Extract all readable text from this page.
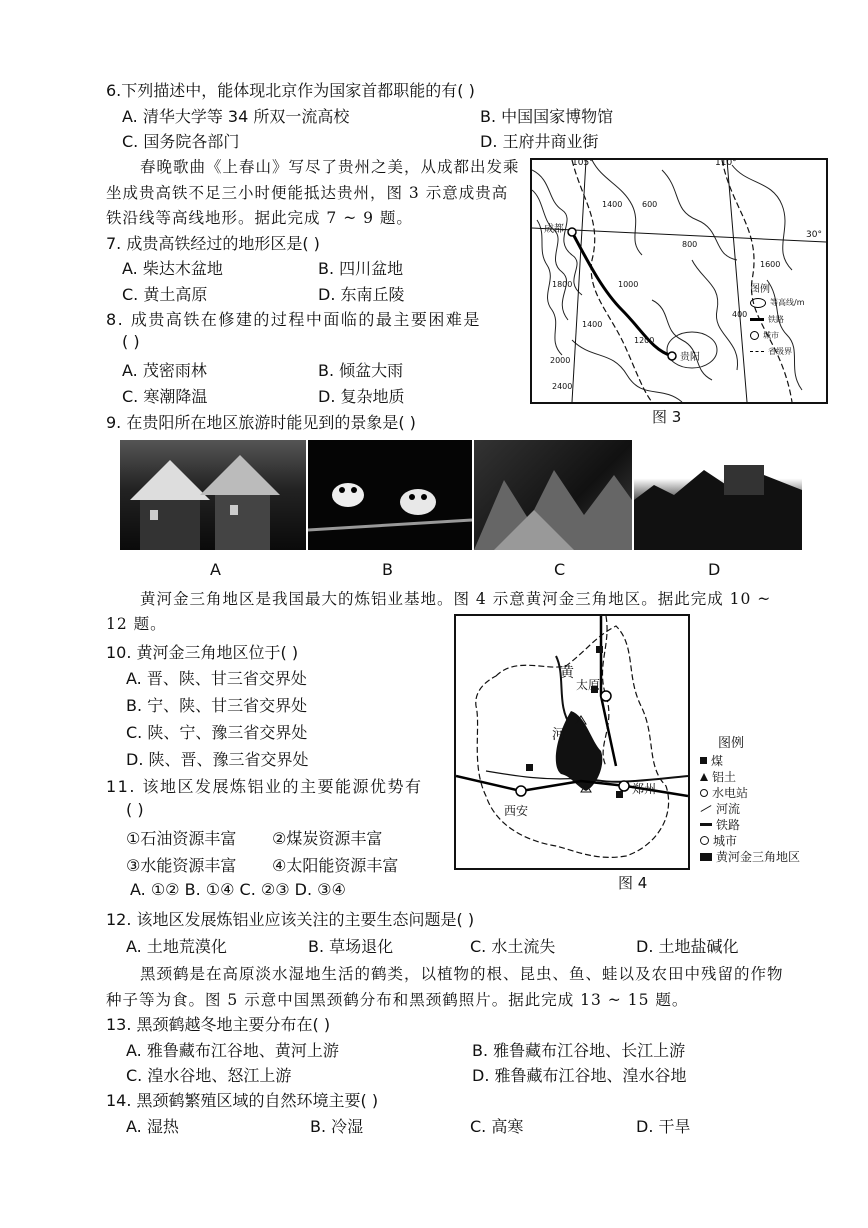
6.下列描述中，能体现北京作为国家首都职能的有( )
A. 清华大学等 34 所双一流高校	B. 中国国家博物馆
C. 国务院各部门	D. 王府井商业街
春晚歌曲《上春山》写尽了贵州之美，从成都出发乘
坐成贵高铁不足三小时便能抵达贵州，图 3 示意成贵高
铁沿线等高线地形。据此完成 7 ~ 9 题。
7. 成贵高铁经过的地形区是( )
A. 柴达木盆地	B. 四川盆地
C. 黄土高原	D. 东南丘陵
8. 成贵高铁在修建的过程中面临的最主要困难是
( )
A. 茂密雨林	B. 倾盆大雨
C. 寒潮降温	D. 复杂地质
105°	110°
30°
成都
贵阳
1400
1800
1400
2000
2400
1200
1600
800
600
400
1000	图例
等高线/m
铁路
城市
省级界
图 3
9. 在贵阳所在地区旅游时能见到的景象是( )
A	B	C	D
黄河金三角地区是我国最大的炼铝业基地。图 4 示意黄河金三角地区。据此完成 10 ~
12 题。
10. 黄河金三角地区位于( )
A. 晋、陕、甘三省交界处
B. 宁、陕、甘三省交界处
C. 陕、宁、豫三省交界处
D. 陕、晋、豫三省交界处
11. 该地区发展炼铝业的主要能源优势有
( )
①石油资源丰富 ②煤炭资源丰富
③水能资源丰富 ④太阳能资源丰富
A. ①② B. ①④ C. ②③ D. ③④
黄
河
太原
西安
郑州
图例
煤
铝土
水电站
河流
铁路
城市
黄河金三角地区
图 4
12. 该地区发展炼铝业应该关注的主要生态问题是( )
A. 土地荒漠化	B. 草场退化	C. 水土流失	D. 土地盐碱化
黑颈鹤是在高原淡水湿地生活的鹤类，以植物的根、昆虫、鱼、蛙以及农田中残留的作物
种子等为食。图 5 示意中国黑颈鹤分布和黑颈鹤照片。据此完成 13 ~ 15 题。
13. 黑颈鹤越冬地主要分布在( )
A. 雅鲁藏布江谷地、黄河上游	B. 雅鲁藏布江谷地、长江上游
C. 湟水谷地、怒江上游	D. 雅鲁藏布江谷地、湟水谷地
14. 黑颈鹤繁殖区域的自然环境主要( )
A. 湿热	B. 冷湿	C. 高寒	D. 干旱
